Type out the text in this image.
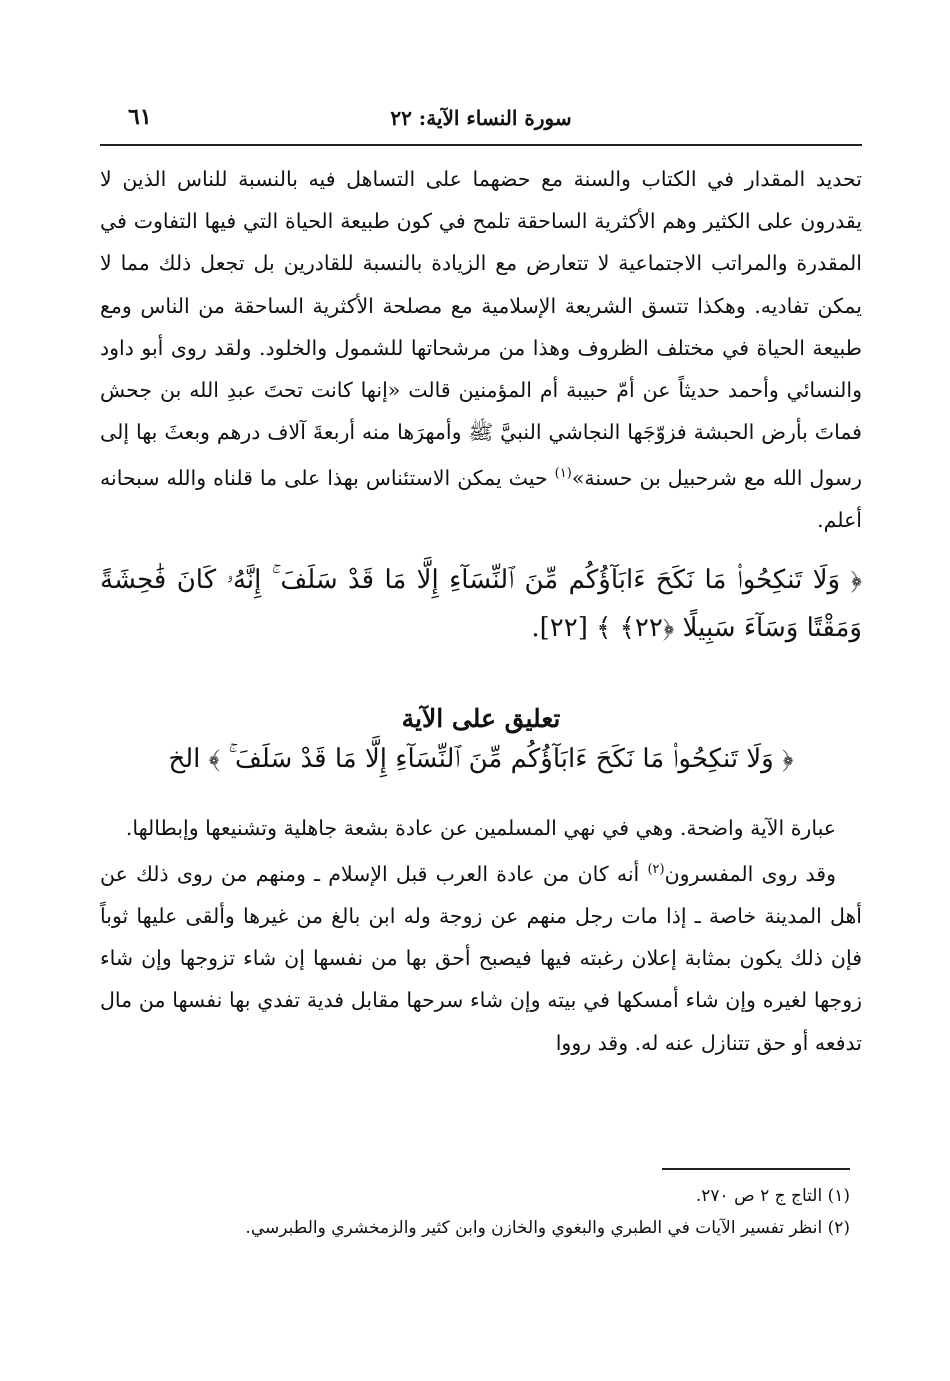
سورة النساء الآية: ٢٢
٦١

تحديد المقدار في الكتاب والسنة مع حضهما على التساهل فيه بالنسبة للناس الذين لا يقدرون على الكثير وهم الأكثرية الساحقة تلمح في كون طبيعة الحياة التي فيها التفاوت في المقدرة والمراتب الاجتماعية لا تتعارض مع الزيادة بالنسبة للقادرين بل تجعل ذلك مما لا يمكن تفاديه. وهكذا تتسق الشريعة الإسلامية مع مصلحة الأكثرية الساحقة من الناس ومع طبيعة الحياة في مختلف الظروف وهذا من مرشحاتها للشمول والخلود. ولقد روى أبو داود والنسائي وأحمد حديثاً عن أمّ حبيبة أم المؤمنين قالت «إنها كانت تحتَ عبدِ الله بن جحش فماتَ بأرض الحبشة فزوّجَها النجاشي النبيَّ ﷺ وأمهرَها منه أربعةَ آلاف درهم وبعثَ بها إلى رسول الله مع شرحبيل بن حسنة»$^{(١)}$ حيث يمكن الاستئناس بهذا على ما قلناه والله سبحانه أعلم.

﴿ وَلَا تَنكِحُوا۟ مَا نَكَحَ ءَابَآؤُكُم مِّنَ ٱلنِّسَآءِ إِلَّا مَا قَدْ سَلَفَ ۚ إِنَّهُۥ كَانَ فَٰحِشَةً وَمَقْتًا وَسَآءَ سَبِيلًا ﴿٢٢﴾ ﴾ [٢٢].

تعليق على الآية
﴿ وَلَا تَنكِحُوا۟ مَا نَكَحَ ءَابَآؤُكُم مِّنَ ٱلنِّسَآءِ إِلَّا مَا قَدْ سَلَفَ ۚ ﴾ الخ

عبارة الآية واضحة. وهي في نهي المسلمين عن عادة بشعة جاهلية وتشنيعها وإبطالها.

وقد روى المفسرون$^{(٢)}$ أنه كان من عادة العرب قبل الإسلام ـ ومنهم من روى ذلك عن أهل المدينة خاصة ـ إذا مات رجل منهم عن زوجة وله ابن بالغ من غيرها وألقى عليها ثوباً فإن ذلك يكون بمثابة إعلان رغبته فيها فيصبح أحق بها من نفسها إن شاء تزوجها وإن شاء زوجها لغيره وإن شاء أمسكها في بيته وإن شاء سرحها مقابل فدية تفدي بها نفسها من مال تدفعه أو حق تتنازل عنه له. وقد رووا

(١) التاج ج ٢ ص ٢٧٠.

(٢) انظر تفسير الآيات في الطبري والبغوي والخازن وابن كثير والزمخشري والطبرسي.
